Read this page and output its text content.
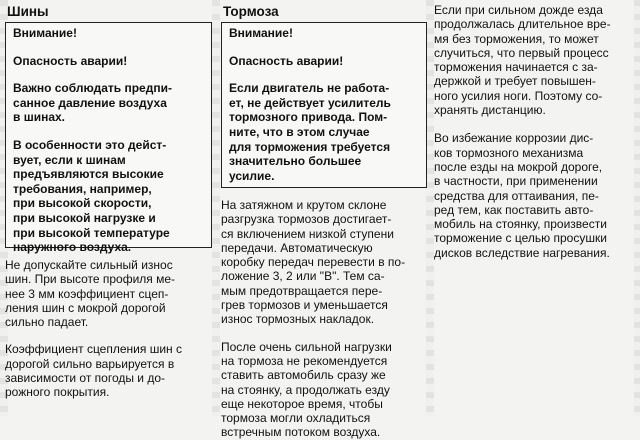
Шины

Внимание!

Опасность аварии!

Важно соблюдать предпи-
санное давление воздуха
в шинах.

В особенности это дейст-
вует, если к шинам
предъявляются высокие
требования, например,
при высокой скорости,
при высокой нагрузке и
при высокой температуре
наружного воздуха.

Не допускайте сильный износ
шин. При высоте профиля ме-
нее 3 мм коэффициент сцеп-
ления шин с мокрой дорогой
сильно падает.

Коэффициент сцепления шин с
дорогой сильно варьируется в
зависимости от погоды и до-
рожного покрытия.

Тормоза

Внимание!

Опасность аварии!

Если двигатель не работа-
ет, не действует усилитель
тормозного привода. Пом-
ните, что в этом случае
для торможения требуется
значительно большее
усилие.

На затяжном и крутом склоне
разгрузка тормозов достигает-
ся включением низкой ступени
передачи. Автоматическую
коробку передач перевести в по-
ложение 3, 2 или "В". Тем са-
мым предотвращается пере-
грев тормозов и уменьшается
износ тормозных накладок.

После очень сильной нагрузки
на тормоза не рекомендуется
ставить автомобиль сразу же
на стоянку, а продолжать езду
еще некоторое время, чтобы
тормоза могли охладиться
встречным потоком воздуха.

Если при сильном дожде езда
продолжалась длительное вре-
мя без торможения, то может
случиться, что первый процесс
торможения начинается с за-
держкой и требует повышен-
ного усилия ноги. Поэтому со-
хранять дистанцию.

Во избежание коррозии дис-
ков тормозного механизма
после езды на мокрой дороге,
в частности, при применении
средства для оттаивания, пе-
ред тем, как поставить авто-
мобиль на стоянку, произвести
торможение с целью просушки
дисков вследствие нагревания.
